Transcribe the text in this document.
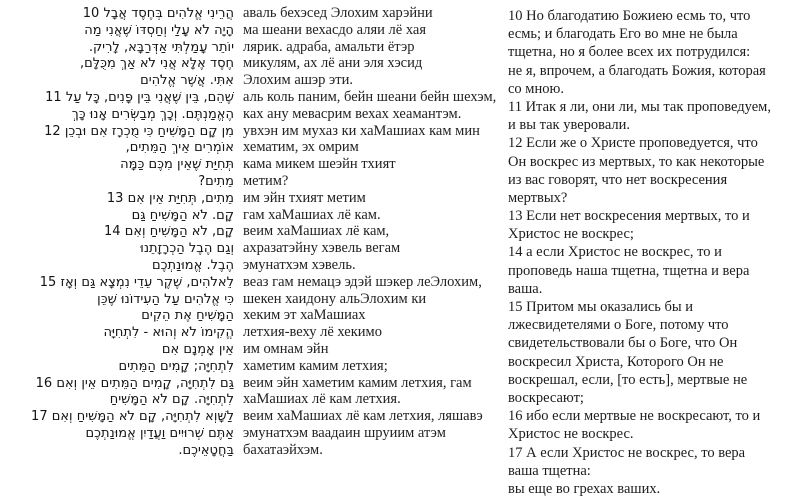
10 אֲבָל בְּחֶסֶד אֱלֹהִים הֲרֵינִי аваль бехэсед Элохим харэйни
מַה שֶׁאֲנִי וְחַסְדּוֹ עָלַי לֹא הָיָה ма шеани вехасдо аляи лё хая
לָרִיק. אַדְּרַבָּא, עָמַלְתִּי יוֹתֵר лярик. адраба, амальти ётэр
מִכֻּלָּם, אַךְ לֹא אֲנִי אֶלָּא חֶסֶד микулям, ах лё ани эля хэсид
אֱלֹהִים אֲשֶׁר אִתִּי. Элохим ашэр эти.
11 עַל כָּל פָּנִים, בֵּין שֶׁאֲנִי בֵּין שֶׁהֵם, аль коль паним, бейн шеани бейн шехэм,
כָּךְ אָנוּ מְבַשְּׂרִים וְכָךְ הֶאֱמַנְתֶּם. ках ану мевасрим вехах хеамантэм.
12 וּבְכֵן אִם מֻכְרָז כִּי הַמָּשִׁיחַ קָם מִן увхэн им мухаз ки хаМашиах кам мин
הַמֵּתִים, אֵיךְ אוֹמְרִים хематим, эх омрим
כַּמָּה מִכֶּם שֶׁאֵין תְּחִיַּת кама микем шеэйн тхият
מֵתִים? метим?
13 אִם אֵין תְּחִיַּת מֵתִים, им эйн тхият метим
גַּם הַמָּשִׁיחַ לֹא קָם. гам хаМашиах лё кам.
14 וְאִם הַמָּשִׁיחַ לֹא קָם, веим хаМашиах лё кам,
הַכְרָזָתֵנוּ הֶבֶל וְגַם ахразатэйну хэвель вегам
אֱמוּנַתְכֶם הֶבֶל. эмунатхэм хэвель.
15 וְאָז גַּם נִמְצָא עֵדֵי שֶׁקֶר לֵאלֹהִים, веаз гам немацэ эдэй шэкер леЭлохим,
שֶׁכֵּן הַעִידוֹנוּ עַל אֱלֹהִים כִּי шекен хаидону альЭлохим ки
הֵקִים אֶת הַמָּשִׁיחַ хеким эт хаМашиах
לִתְחִיָּה - וְהוּא לֹא הֱקִימוֹ летхия-веху лё хекимо
אִם אָמְנָם אֵין им омнам эйн
הַמֵּתִים קָמִים לִתְחִיָּה; хаметим камим летхия;
16 וְאִם אֵין הַמֵּתִים קָמִים לִתְחִיָּה, גַּם веим эйн хаметим камим летхия, гам
הַמָּשִׁיחַ לֹא קָם לִתְחִיָּה. хаМашиах лё кам летхия.
17 וְאִם הַמָּשִׁיחַ לֹא קָם לִתְחִיָּה, לַשָּׁוְא веим хаМашиах лё кам летхия, ляшавэ
אֱמוּנַתְכֶם וַעֲדַיִן שְׁרוּיִים אַתֶּם эмунатхэм ваадаин шруиим атэм
בַּחֲטָאֵיכֶם. бахатаэйхэм.
10 Но благодатию Божиею есмь то, что
есмь; и благодать Его во мне не была
тщетна, но я более всех их потрудился:
не я, впрочем, а благодать Божия, которая
со мною.
11 Итак я ли, они ли, мы так проповедуем,
и вы так уверовали.
12 Если же о Христе проповедуется, что
Он воскрес из мертвых, то как некоторые
из вас говорят, что нет воскресения
мертвых?
13 Если нет воскресения мертвых, то и
Христос не воскрес;
14 а если Христос не воскрес, то и
проповедь наша тщетна, тщетна и вера
ваша.
15 Притом мы оказались бы и
лжесвидетелями о Боге, потому что
свидетельствовали бы о Боге, что Он
воскресил Христа, Которого Он не
воскрешал, если, [то есть], мертвые не
воскресают;
16 ибо если мертвые не воскресают, то и
Христос не воскрес.
17 А если Христос не воскрес, то вера
ваша тщетна:
вы еще во грехах ваших.
